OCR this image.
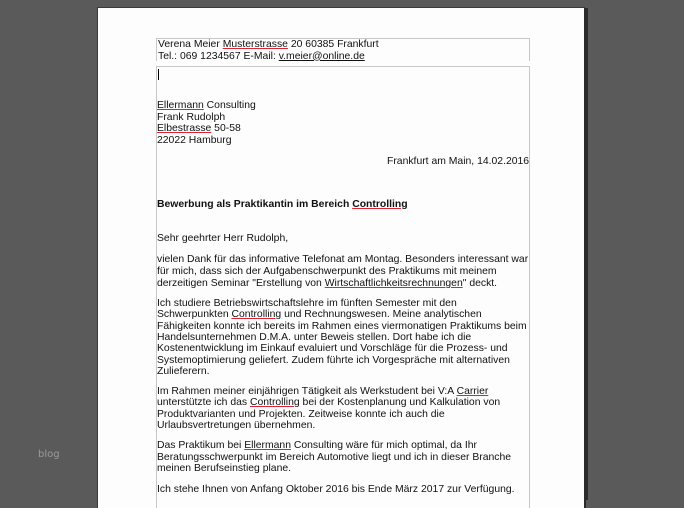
Verena Meier Musterstrasse 20 60385 Frankfurt
Tel.: 069 1234567 E-Mail: v.meier@online.de
Ellermann Consulting
Frank Rudolph
Elbestrasse 50-58
22022 Hamburg
Frankfurt am Main, 14.02.2016
Bewerbung als Praktikantin im Bereich Controlling
Sehr geehrter Herr Rudolph,
vielen Dank für das informative Telefonat am Montag. Besonders interessant war
für mich, dass sich der Aufgabenschwerpunkt des Praktikums mit meinem
derzeitigen Seminar "Erstellung von Wirtschaftlichkeitsrechnungen" deckt.
Ich studiere Betriebswirtschaftslehre im fünften Semester mit den
Schwerpunkten Controlling und Rechnungswesen. Meine analytischen
Fähigkeiten konnte ich bereits im Rahmen eines viermonatigen Praktikums beim
Handelsunternehmen D.M.A. unter Beweis stellen. Dort habe ich die
Kostenentwicklung im Einkauf evaluiert und Vorschläge für die Prozess- und
Systemoptimierung geliefert. Zudem führte ich Vorgespräche mit alternativen
Zulieferern.
Im Rahmen meiner einjährigen Tätigkeit als Werkstudent bei V:A Carrier
unterstützte ich das Controlling bei der Kostenplanung und Kalkulation von
Produktvarianten und Projekten. Zeitweise konnte ich auch die
Urlaubsvertretungen übernehmen.
Das Praktikum bei Ellermann Consulting wäre für mich optimal, da Ihr
Beratungsschwerpunkt im Bereich Automotive liegt und ich in dieser Branche
meinen Berufseinstieg plane.
Ich stehe Ihnen von Anfang Oktober 2016 bis Ende März 2017 zur Verfügung.
blog
